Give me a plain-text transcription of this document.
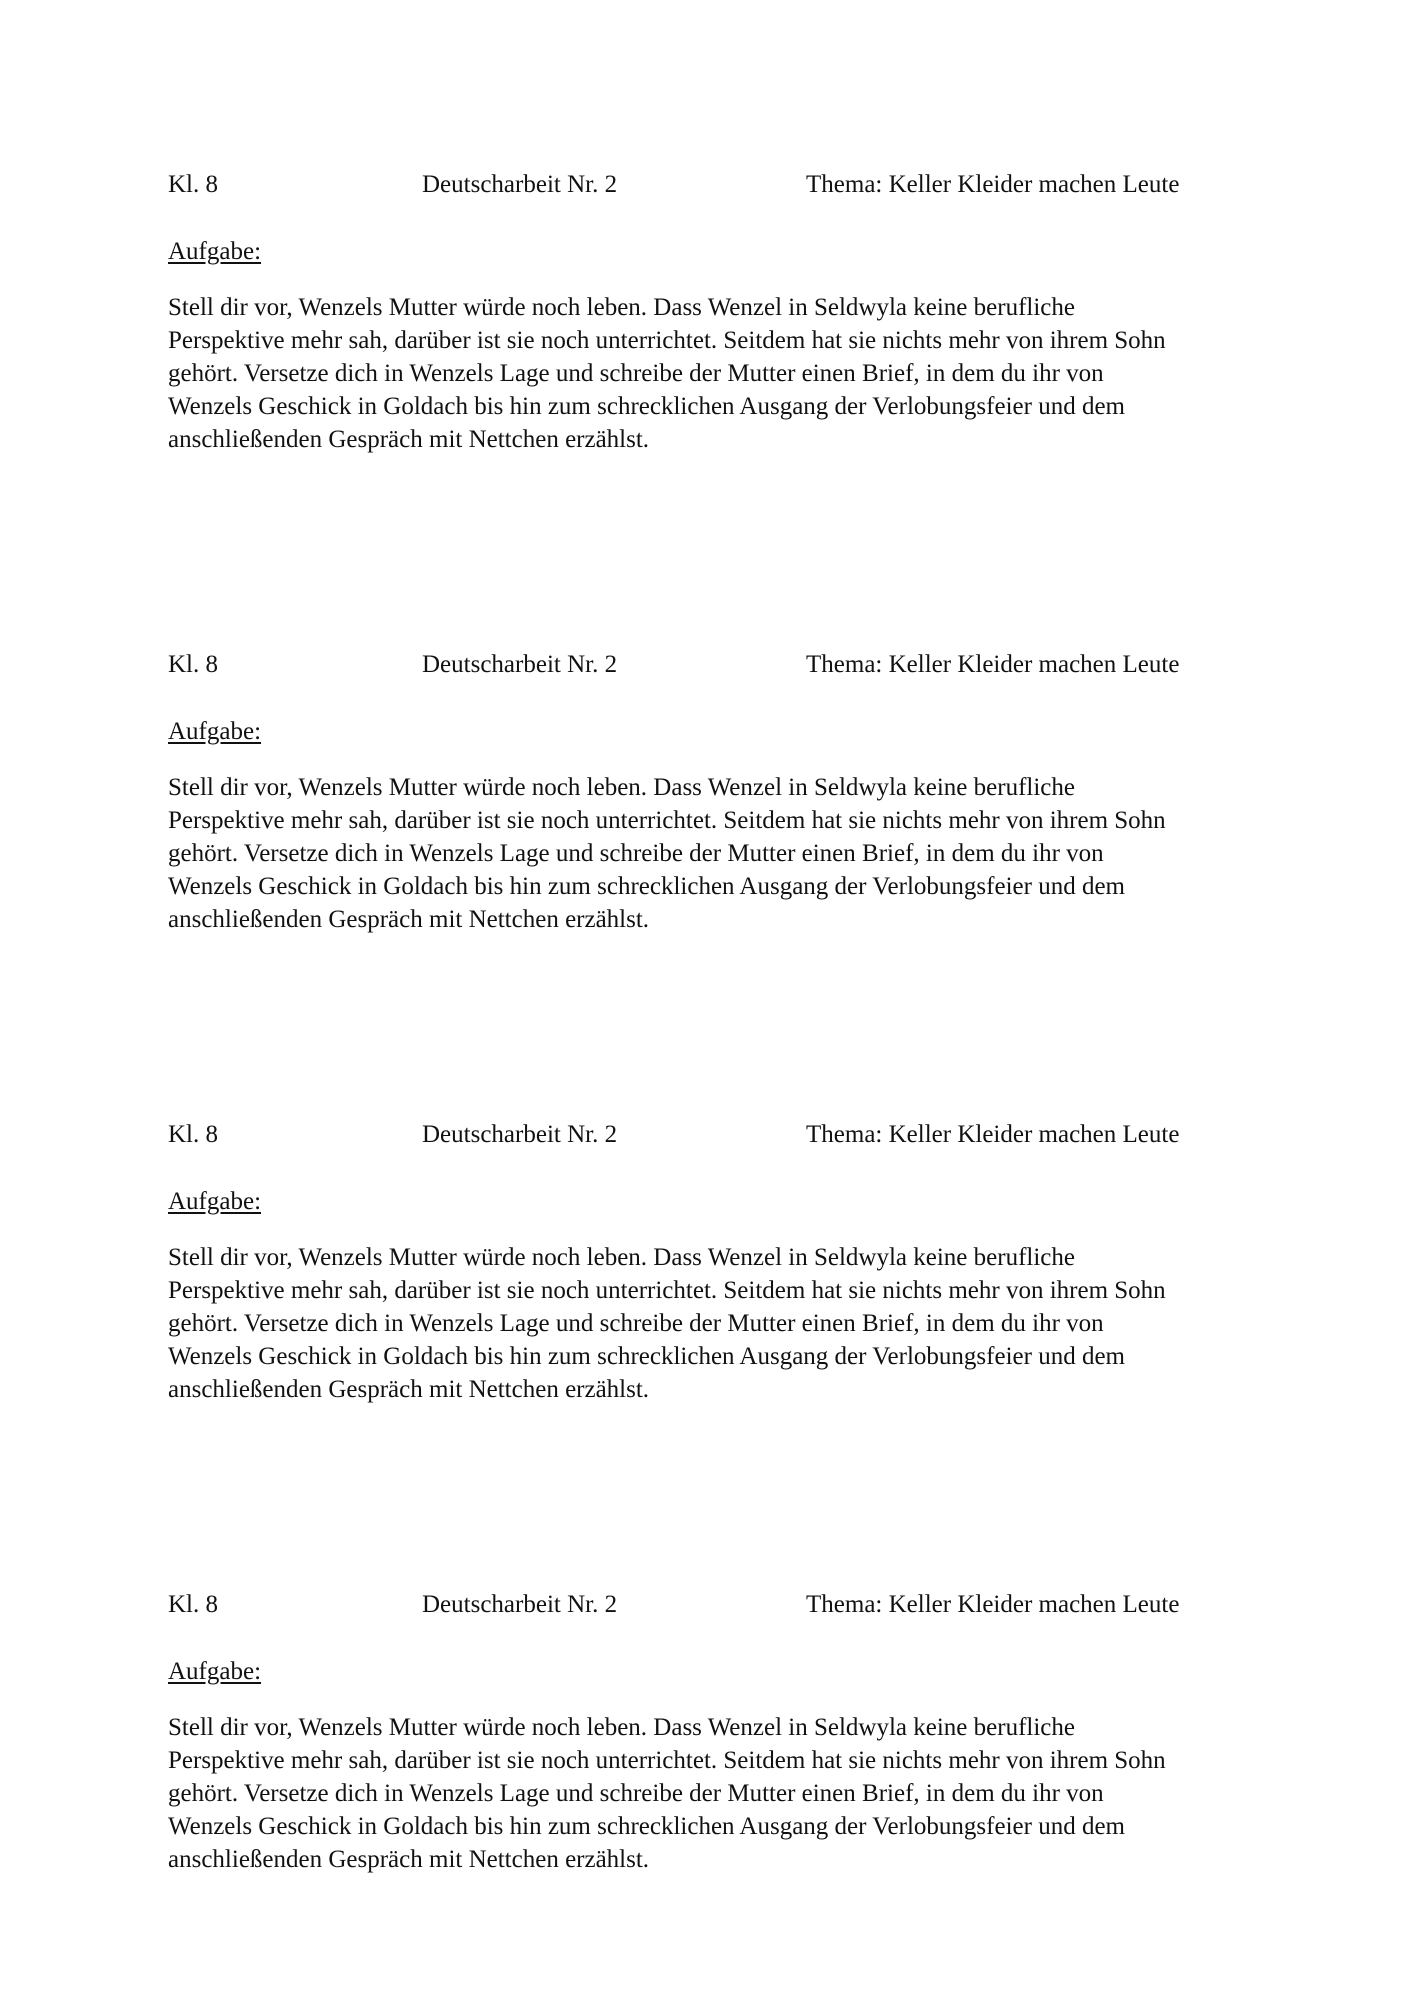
Kl. 8	Deutscharbeit Nr. 2	Thema: Keller Kleider machen Leute
Aufgabe:
Stell dir vor, Wenzels Mutter würde noch leben. Dass Wenzel in Seldwyla keine berufliche
Perspektive mehr sah, darüber ist sie noch unterrichtet. Seitdem hat sie nichts mehr von ihrem Sohn
gehört. Versetze dich in Wenzels Lage und schreibe der Mutter einen Brief, in dem du ihr von
Wenzels Geschick in Goldach bis hin zum schrecklichen Ausgang der Verlobungsfeier und dem
anschließenden Gespräch mit Nettchen erzählst.
Kl. 8	Deutscharbeit Nr. 2	Thema: Keller Kleider machen Leute
Aufgabe:
Stell dir vor, Wenzels Mutter würde noch leben. Dass Wenzel in Seldwyla keine berufliche
Perspektive mehr sah, darüber ist sie noch unterrichtet. Seitdem hat sie nichts mehr von ihrem Sohn
gehört. Versetze dich in Wenzels Lage und schreibe der Mutter einen Brief, in dem du ihr von
Wenzels Geschick in Goldach bis hin zum schrecklichen Ausgang der Verlobungsfeier und dem
anschließenden Gespräch mit Nettchen erzählst.
Kl. 8	Deutscharbeit Nr. 2	Thema: Keller Kleider machen Leute
Aufgabe:
Stell dir vor, Wenzels Mutter würde noch leben. Dass Wenzel in Seldwyla keine berufliche
Perspektive mehr sah, darüber ist sie noch unterrichtet. Seitdem hat sie nichts mehr von ihrem Sohn
gehört. Versetze dich in Wenzels Lage und schreibe der Mutter einen Brief, in dem du ihr von
Wenzels Geschick in Goldach bis hin zum schrecklichen Ausgang der Verlobungsfeier und dem
anschließenden Gespräch mit Nettchen erzählst.
Kl. 8	Deutscharbeit Nr. 2	Thema: Keller Kleider machen Leute
Aufgabe:
Stell dir vor, Wenzels Mutter würde noch leben. Dass Wenzel in Seldwyla keine berufliche
Perspektive mehr sah, darüber ist sie noch unterrichtet. Seitdem hat sie nichts mehr von ihrem Sohn
gehört. Versetze dich in Wenzels Lage und schreibe der Mutter einen Brief, in dem du ihr von
Wenzels Geschick in Goldach bis hin zum schrecklichen Ausgang der Verlobungsfeier und dem
anschließenden Gespräch mit Nettchen erzählst.
